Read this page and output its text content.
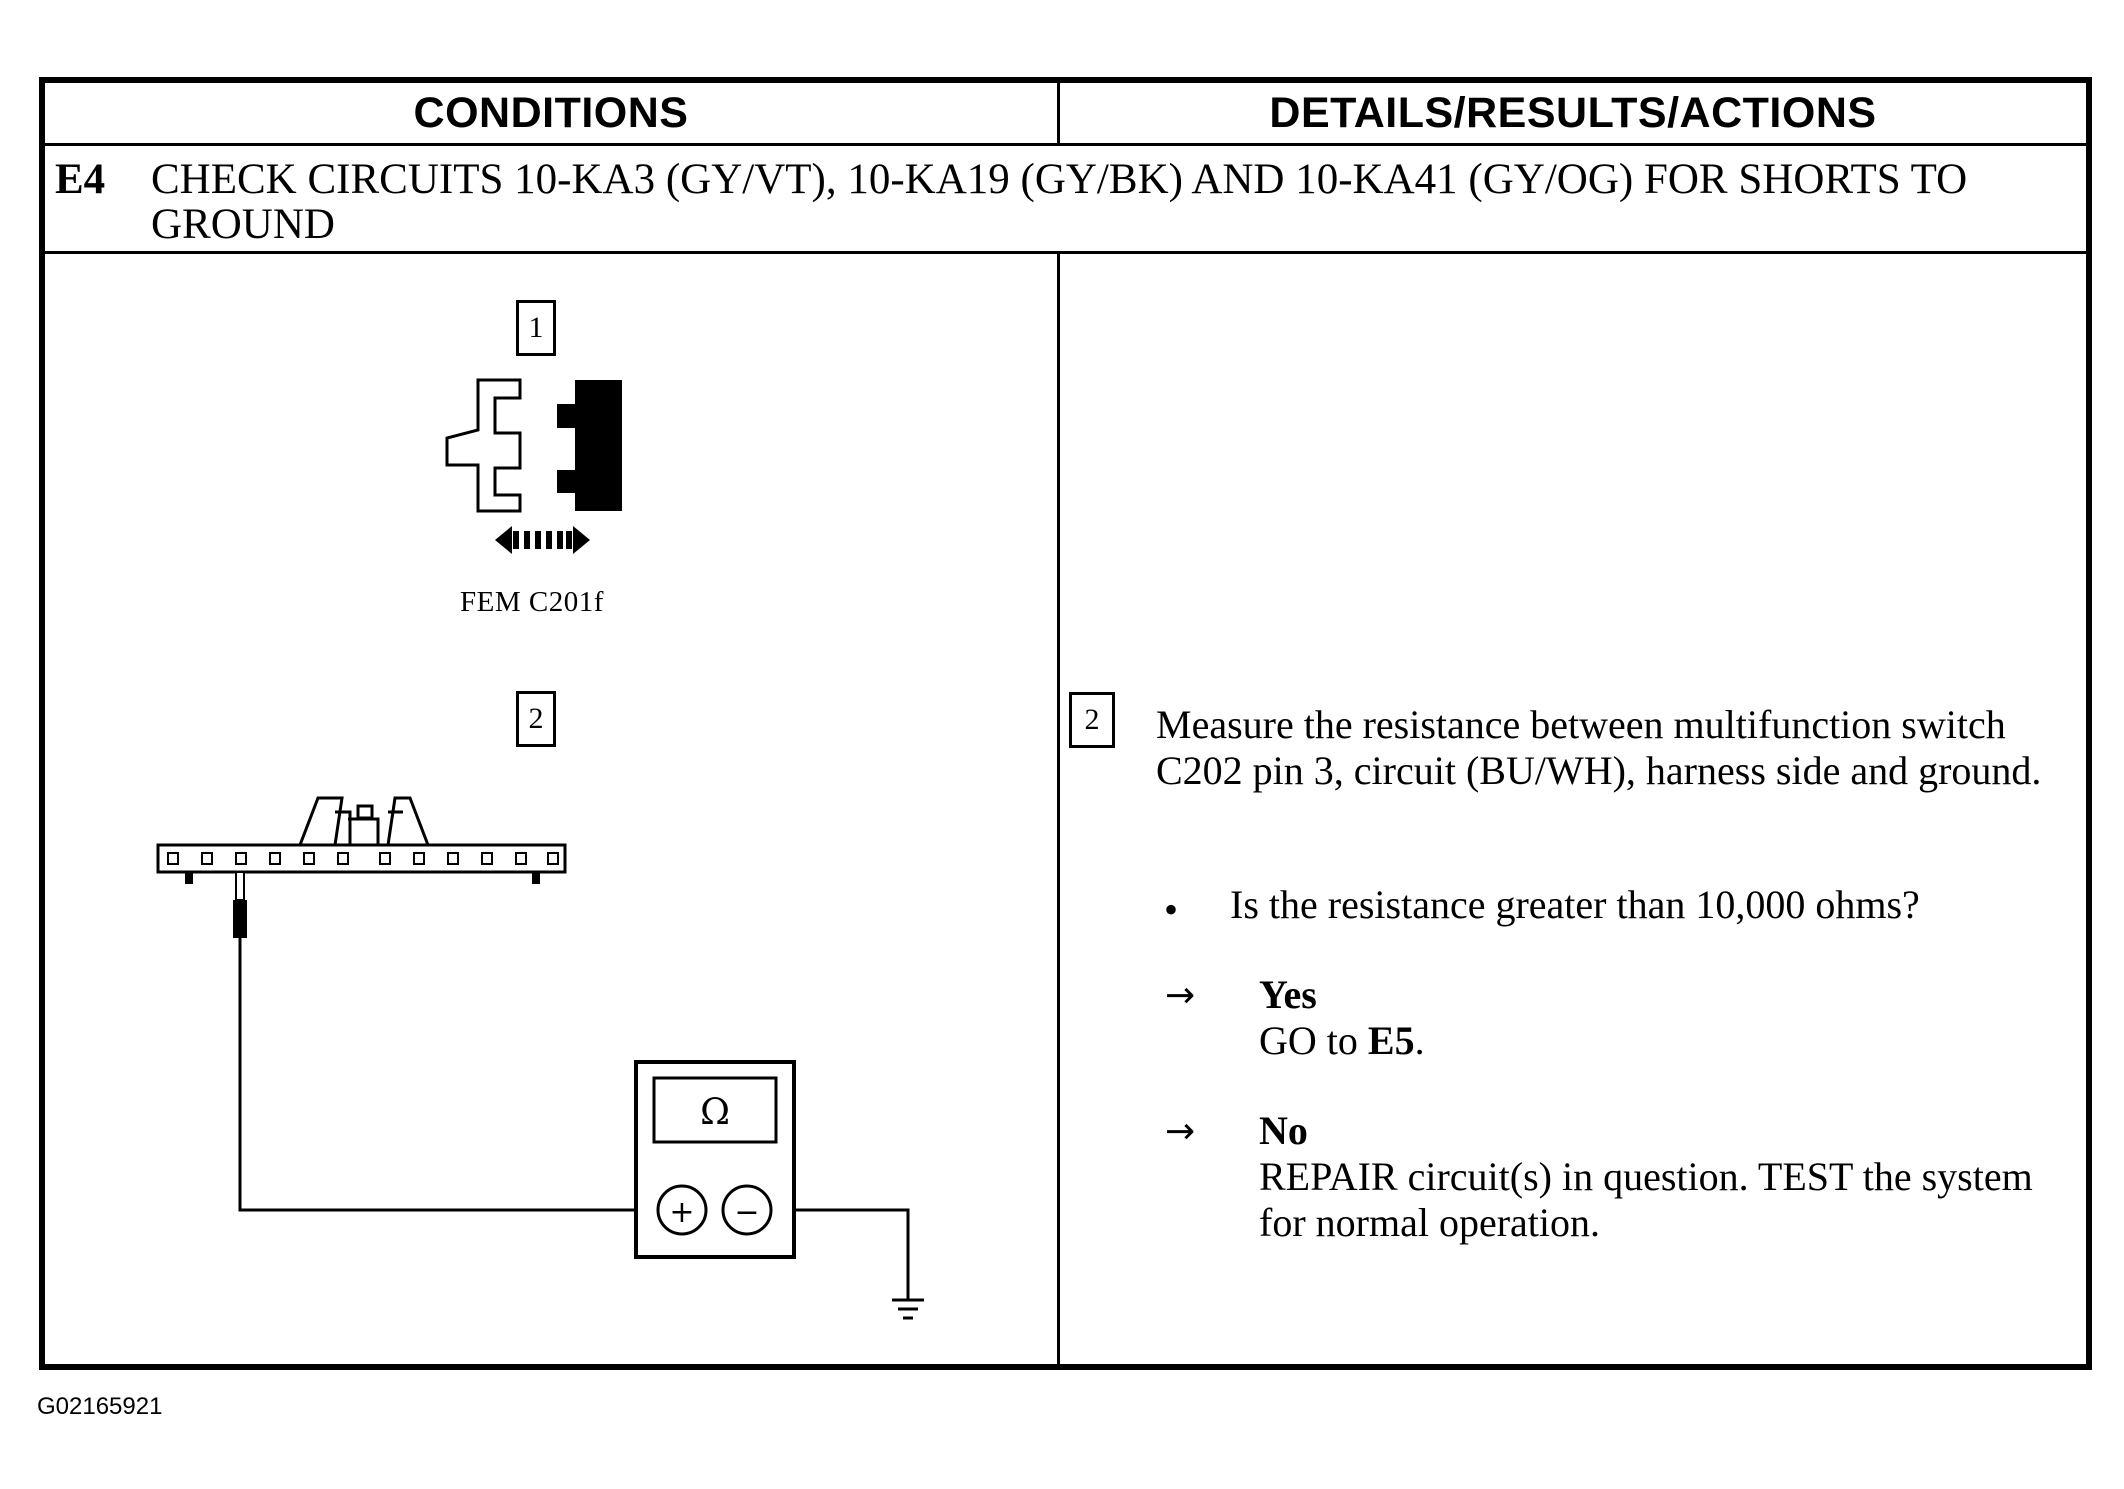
CONDITIONS	DETAILS/RESULTS/ACTIONS
E4 CHECK CIRCUITS 10-KA3 (GY/VT), 10-KA19 (GY/BK) AND 10-KA41 (GY/OG) FOR SHORTS TO GROUND
Ω
+ −
1
FEM C201f
2	2	Measure the resistance between multifunction switch C202 pin 3, circuit (BU/WH), harness side and ground.
• Is the resistance greater than 10,000 ohms?
→ Yes
GO to E5.
→ No
REPAIR circuit(s) in question. TEST the system for normal operation.
G02165921
